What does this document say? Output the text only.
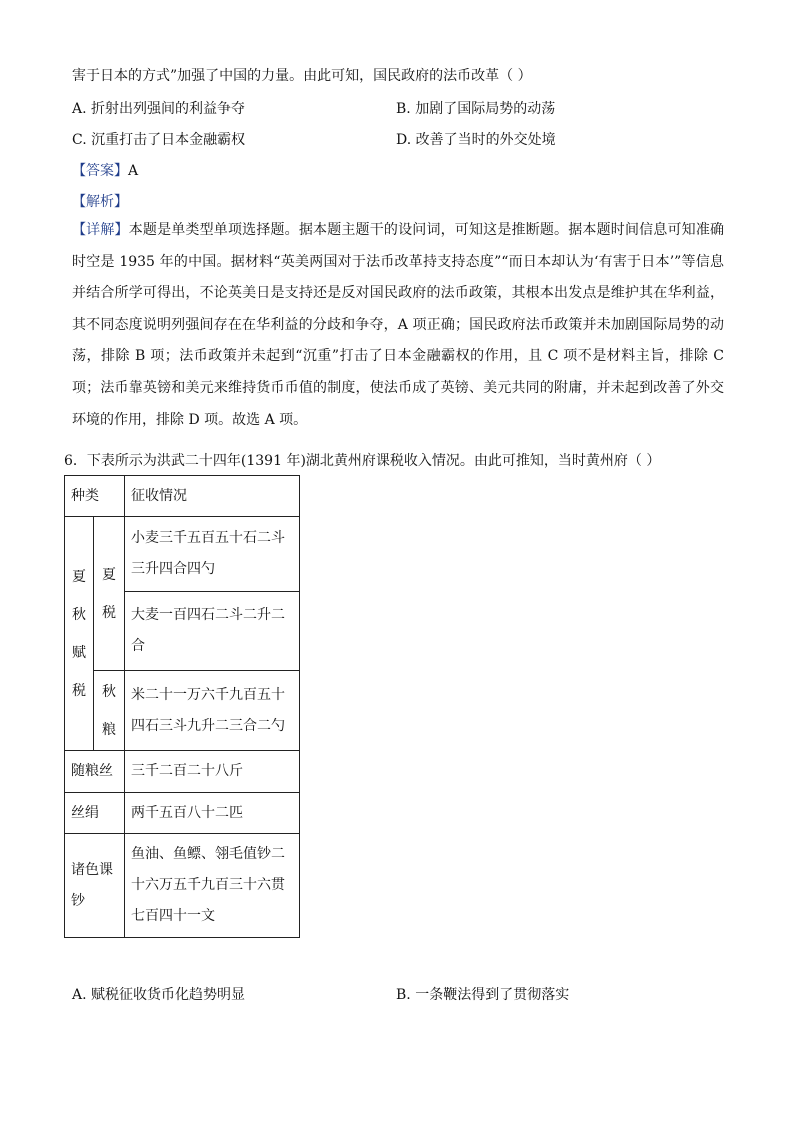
害于日本的方式”加强了中国的力量。由此可知，国民政府的法币改革（ ）
A. 折射出列强间的利益争夺	B. 加剧了国际局势的动荡
C. 沉重打击了日本金融霸权	D. 改善了当时的外交处境
【答案】A
【解析】

【详解】本题是单类型单项选择题。据本题主题干的设问词，可知这是推断题。据本题时间信息可知准确时空是 1935 年的中国。据材料“英美两国对于法币改革持支持态度”“而日本却认为‘有害于日本’”等信息并结合所学可得出，不论英美日是支持还是反对国民政府的法币政策，其根本出发点是维护其在华利益，其不同态度说明列强间存在在华利益的分歧和争夺，A 项正确；国民政府法币政策并未加剧国际局势的动荡，排除 B 项；法币政策并未起到“沉重”打击了日本金融霸权的作用，且 C 项不是材料主旨，排除 C 项；法币靠英镑和美元来维持货币币值的制度，使法币成了英镑、美元共同的附庸，并未起到改善了外交环境的作用，排除 D 项。故选 A 项。

6．下表所示为洪武二十四年(1391 年)湖北黄州府课税收入情况。由此可推知，当时黄州府（ ）
种类		征收情况
夏秋赋税	夏税	小麦三千五百五十石二斗三升四合四勺
		大麦一百四石二斗二升二合
	秋粮	米二十一万六千九百五十四石三斗九升二三合二勺
随粮丝		三千二百二十八斤
丝绢		两千五百八十二匹
诸色课钞		鱼油、鱼鳔、翎毛值钞二十六万五千九百三十六贯七百四十一文
A. 赋税征收货币化趋势明显	B. 一条鞭法得到了贯彻落实
